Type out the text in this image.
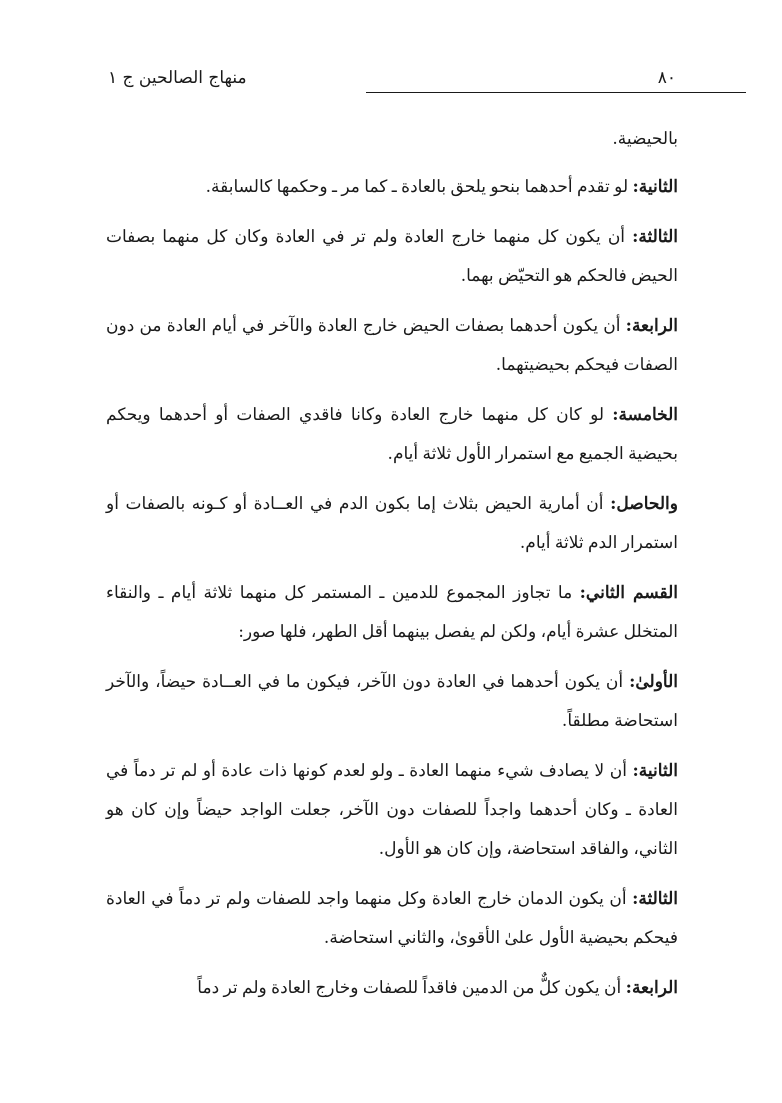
منهاج الصالحين ج ١	٨٠

بالحيضية.

الثانية: لو تقدم أحدهما بنحو يلحق بالعادة ـ كما مر ـ وحكمها كالسابقة.

الثالثة: أن يكون كل منهما خارج العادة ولم تر في العادة وكان كل منهما بصفات الحيض فالحكم هو التحيّض بهما.

الرابعة: أن يكون أحدهما بصفات الحيض خارج العادة والآخر في أيام العادة من دون الصفات فيحكم بحيضيتهما.

الخامسة: لو كان كل منهما خارج العادة وكانا فاقدي الصفات أو أحدهما ويحكم بحيضية الجميع مع استمرار الأول ثلاثة أيام.

والحاصل: أن أمارية الحيض بثلاث إما بكون الدم في العــادة أو كـونه بالصفات أو استمرار الدم ثلاثة أيام.

القسم الثاني: ما تجاوز المجموع للدمين ـ المستمر كل منهما ثلاثة أيام ـ والنقاء المتخلل عشرة أيام، ولكن لم يفصل بينهما أقل الطهر، فلها صور:

الأولىٰ: أن يكون أحدهما في العادة دون الآخر، فيكون ما في العــادة حيضاً، والآخر استحاضة مطلقاً.

الثانية: أن لا يصادف شيء منهما العادة ـ ولو لعدم كونها ذات عادة أو لم تر دماً في العادة ـ وكان أحدهما واجداً للصفات دون الآخر، جعلت الواجد حيضاً وإن كان هو الثاني، والفاقد استحاضة، وإن كان هو الأول.

الثالثة: أن يكون الدمان خارج العادة وكل منهما واجد للصفات ولم تر دماً في العادة فيحكم بحيضية الأول علىٰ الأقوىٰ، والثاني استحاضة.

الرابعة: أن يكون كلٌّ من الدمين فاقداً للصفات وخارج العادة ولم تر دماً
